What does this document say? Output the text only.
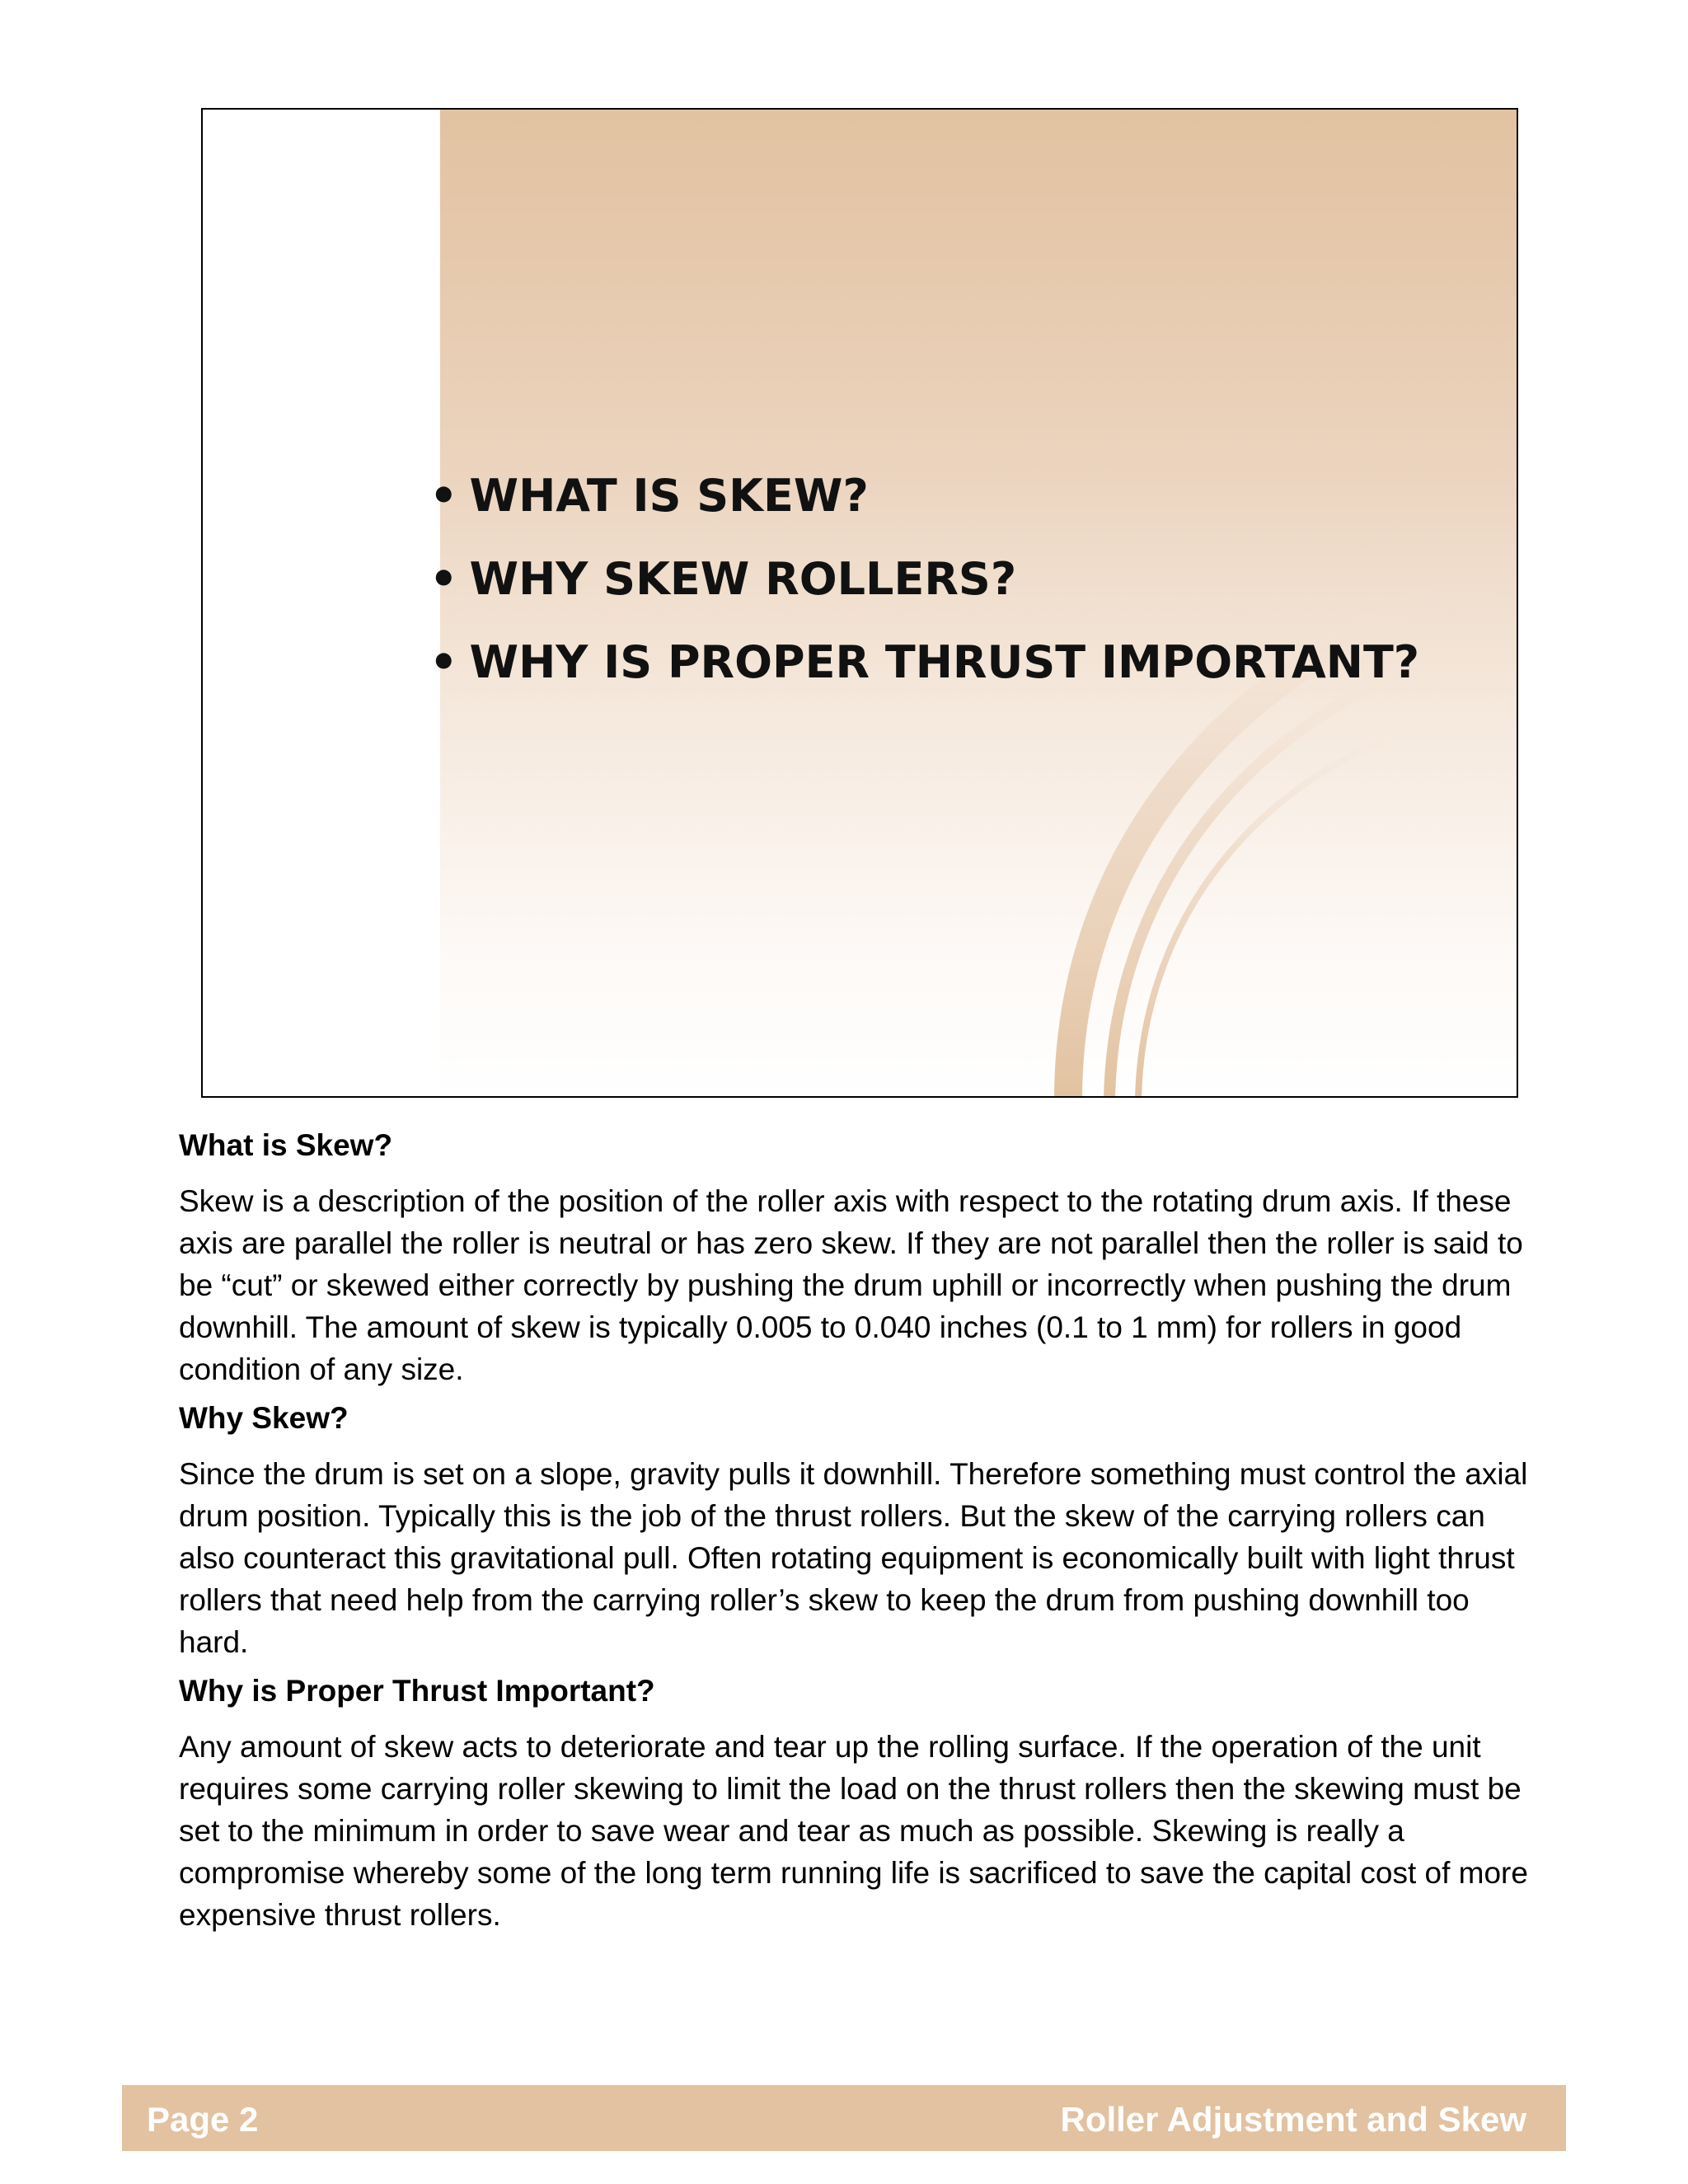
• WHAT IS SKEW?
• WHY SKEW ROLLERS?
• WHY IS PROPER THRUST IMPORTANT?
What is Skew?

Skew is a description of the position of the roller axis with respect to the rotating drum axis. If these axis are parallel the roller is neutral or has zero skew. If they are not parallel then the roller is said to be “cut” or skewed either correctly by pushing the drum uphill or incorrectly when pushing the drum downhill. The amount of skew is typically 0.005 to 0.040 inches (0.1 to 1 mm) for rollers in good condition of any size.

Why Skew?

Since the drum is set on a slope, gravity pulls it downhill. Therefore something must control the axial drum position. Typically this is the job of the thrust rollers. But the skew of the carrying rollers can also counteract this gravitational pull. Often rotating equipment is economically built with light thrust rollers that need help from the carrying roller’s skew to keep the drum from pushing downhill too hard.

Why is Proper Thrust Important?

Any amount of skew acts to deteriorate and tear up the rolling surface. If the operation of the unit requires some carrying roller skewing to limit the load on the thrust rollers then the skewing must be set to the minimum in order to save wear and tear as much as possible. Skewing is really a compromise whereby some of the long term running life is sacrificed to save the capital cost of more expensive thrust rollers.

Page 2	Roller Adjustment and Skew
